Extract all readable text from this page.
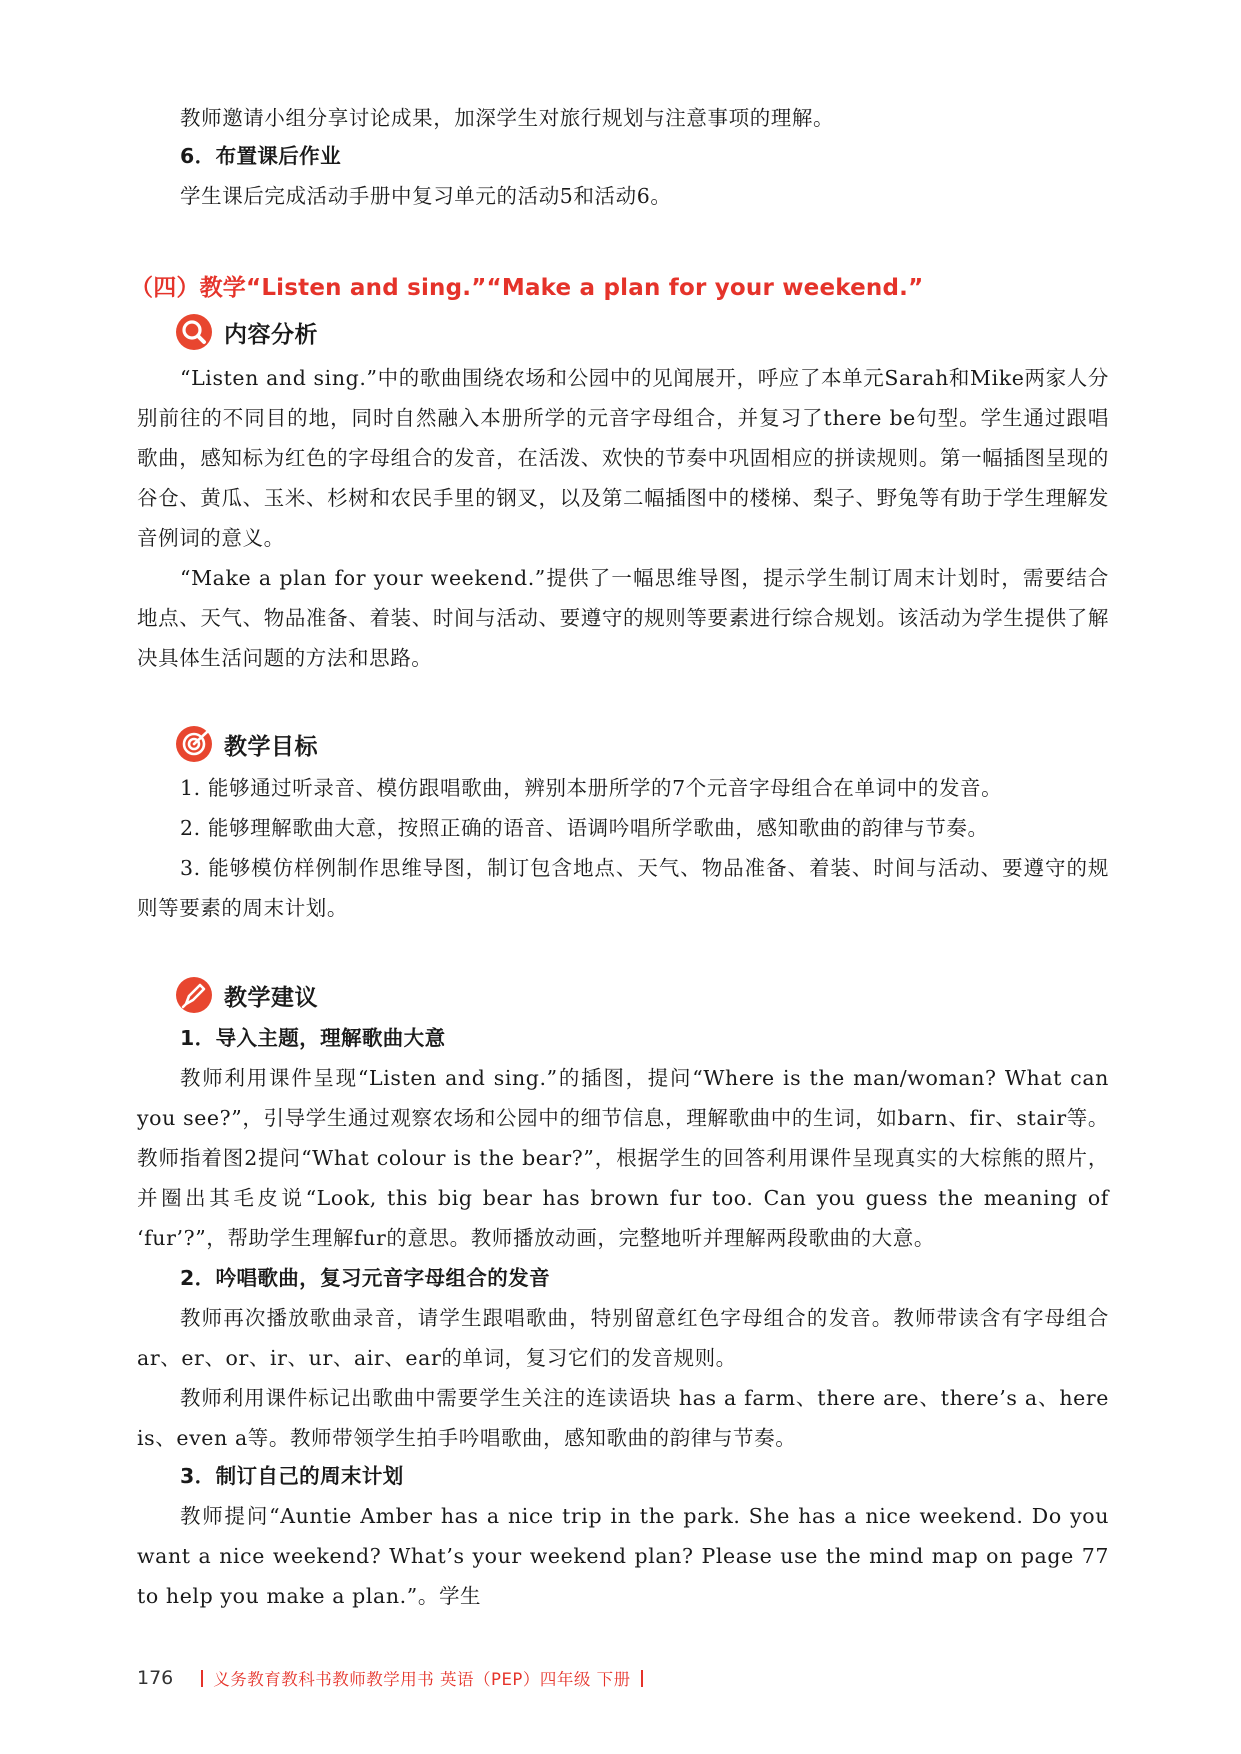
教师邀请小组分享讨论成果，加深学生对旅行规划与注意事项的理解。

6．布置课后作业

学生课后完成活动手册中复习单元的活动5和活动6。

（四）教学“Listen and sing.”“Make a plan for your weekend.”

内容分析

“Listen and sing.”中的歌曲围绕农场和公园中的见闻展开，呼应了本单元Sarah和Mike两家人分别前往的不同目的地，同时自然融入本册所学的元音字母组合，并复习了there be句型。学生通过跟唱歌曲，感知标为红色的字母组合的发音，在活泼、欢快的节奏中巩固相应的拼读规则。第一幅插图呈现的谷仓、黄瓜、玉米、杉树和农民手里的钢叉，以及第二幅插图中的楼梯、梨子、野兔等有助于学生理解发音例词的意义。

“Make a plan for your weekend.”提供了一幅思维导图，提示学生制订周末计划时，需要结合地点、天气、物品准备、着装、时间与活动、要遵守的规则等要素进行综合规划。该活动为学生提供了解决具体生活问题的方法和思路。

教学目标

1. 能够通过听录音、模仿跟唱歌曲，辨别本册所学的7个元音字母组合在单词中的发音。

2. 能够理解歌曲大意，按照正确的语音、语调吟唱所学歌曲，感知歌曲的韵律与节奏。

3. 能够模仿样例制作思维导图，制订包含地点、天气、物品准备、着装、时间与活动、要遵守的规则等要素的周末计划。

教学建议

1．导入主题，理解歌曲大意

教师利用课件呈现“Listen and sing.”的插图，提问“Where is the man/woman? What can you see?”，引导学生通过观察农场和公园中的细节信息，理解歌曲中的生词，如barn、fir、stair等。教师指着图2提问“What colour is the bear?”，根据学生的回答利用课件呈现真实的大棕熊的照片，并圈出其毛皮说“Look, this big bear has brown fur too. Can you guess the meaning of ‘fur’?”，帮助学生理解fur的意思。教师播放动画，完整地听并理解两段歌曲的大意。

2．吟唱歌曲，复习元音字母组合的发音

教师再次播放歌曲录音，请学生跟唱歌曲，特别留意红色字母组合的发音。教师带读含有字母组合ar、er、or、ir、ur、air、ear的单词，复习它们的发音规则。

教师利用课件标记出歌曲中需要学生关注的连读语块 has a farm、there are、there’s a、here is、even a等。教师带领学生拍手吟唱歌曲，感知歌曲的韵律与节奏。

3．制订自己的周末计划

教师提问“Auntie Amber has a nice trip in the park. She has a nice weekend. Do you want a nice weekend? What’s your weekend plan? Please use the mind map on page 77 to help you make a plan.”。学生

176 义务教育教科书教师教学用书 英语（PEP）四年级 下册
